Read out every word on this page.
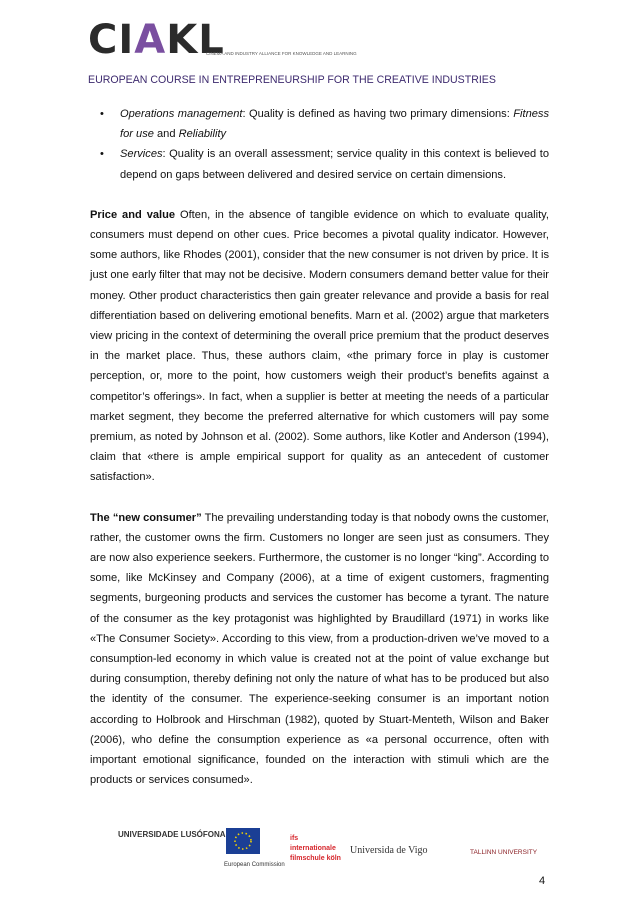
CIAKL
CINEMA AND INDUSTRY ALLIANCE FOR KNOWLEDGE AND LEARNING
EUROPEAN COURSE IN ENTREPRENEURSHIP FOR THE CREATIVE INDUSTRIES
• Operations management: Quality is defined as having two primary dimensions: Fitness for use and Reliability
• Services: Quality is an overall assessment; service quality in this context is believed to depend on gaps between delivered and desired service on certain dimensions.

Price and value Often, in the absence of tangible evidence on which to evaluate quality, consumers must depend on other cues. Price becomes a pivotal quality indicator. However, some authors, like Rhodes (2001), consider that the new consumer is not driven by price. It is just one early filter that may not be decisive. Modern consumers demand better value for their money. Other product characteristics then gain greater relevance and provide a basis for real differentiation based on delivering emotional benefits. Marn et al. (2002) argue that marketers view pricing in the context of determining the overall price premium that the product deserves in the market place. Thus, these authors claim, «the primary force in play is customer perception, or, more to the point, how customers weigh their product’s benefits against a competitor’s offerings». In fact, when a supplier is better at meeting the needs of a particular market segment, they become the preferred alternative for which customers will pay some premium, as noted by Johnson et al. (2002). Some authors, like Kotler and Anderson (1994), claim that «there is ample empirical support for quality as an antecedent of customer satisfaction».

The “new consumer” The prevailing understanding today is that nobody owns the customer, rather, the customer owns the firm. Customers no longer are seen just as consumers. They are now also experience seekers. Furthermore, the customer is no longer “king”. According to some, like McKinsey and Company (2006), at a time of exigent customers, fragmenting segments, burgeoning products and services the customer has become a tyrant. The nature of the consumer as the key protagonist was highlighted by Braudillard (1971) in works like «The Consumer Society». According to this view, from a production-driven we’ve moved to a consumption-led economy in which value is created not at the point of value exchange but during consumption, thereby defining not only the nature of what has to be produced but also the identity of the consumer. The experience-seeking consumer is an important notion according to Holbrook and Hirschman (1982), quoted by Stuart-Menteth, Wilson and Baker (2006), who define the consumption experience as «a personal occurrence, often with important emotional significance, founded on the interaction with stimuli which are the products or services consumed».

UNIVERSIDADE LUSÓFONA
European Commission
ifs internationale filmschule köln
Universida de Vigo	TALLINN UNIVERSITY
4
